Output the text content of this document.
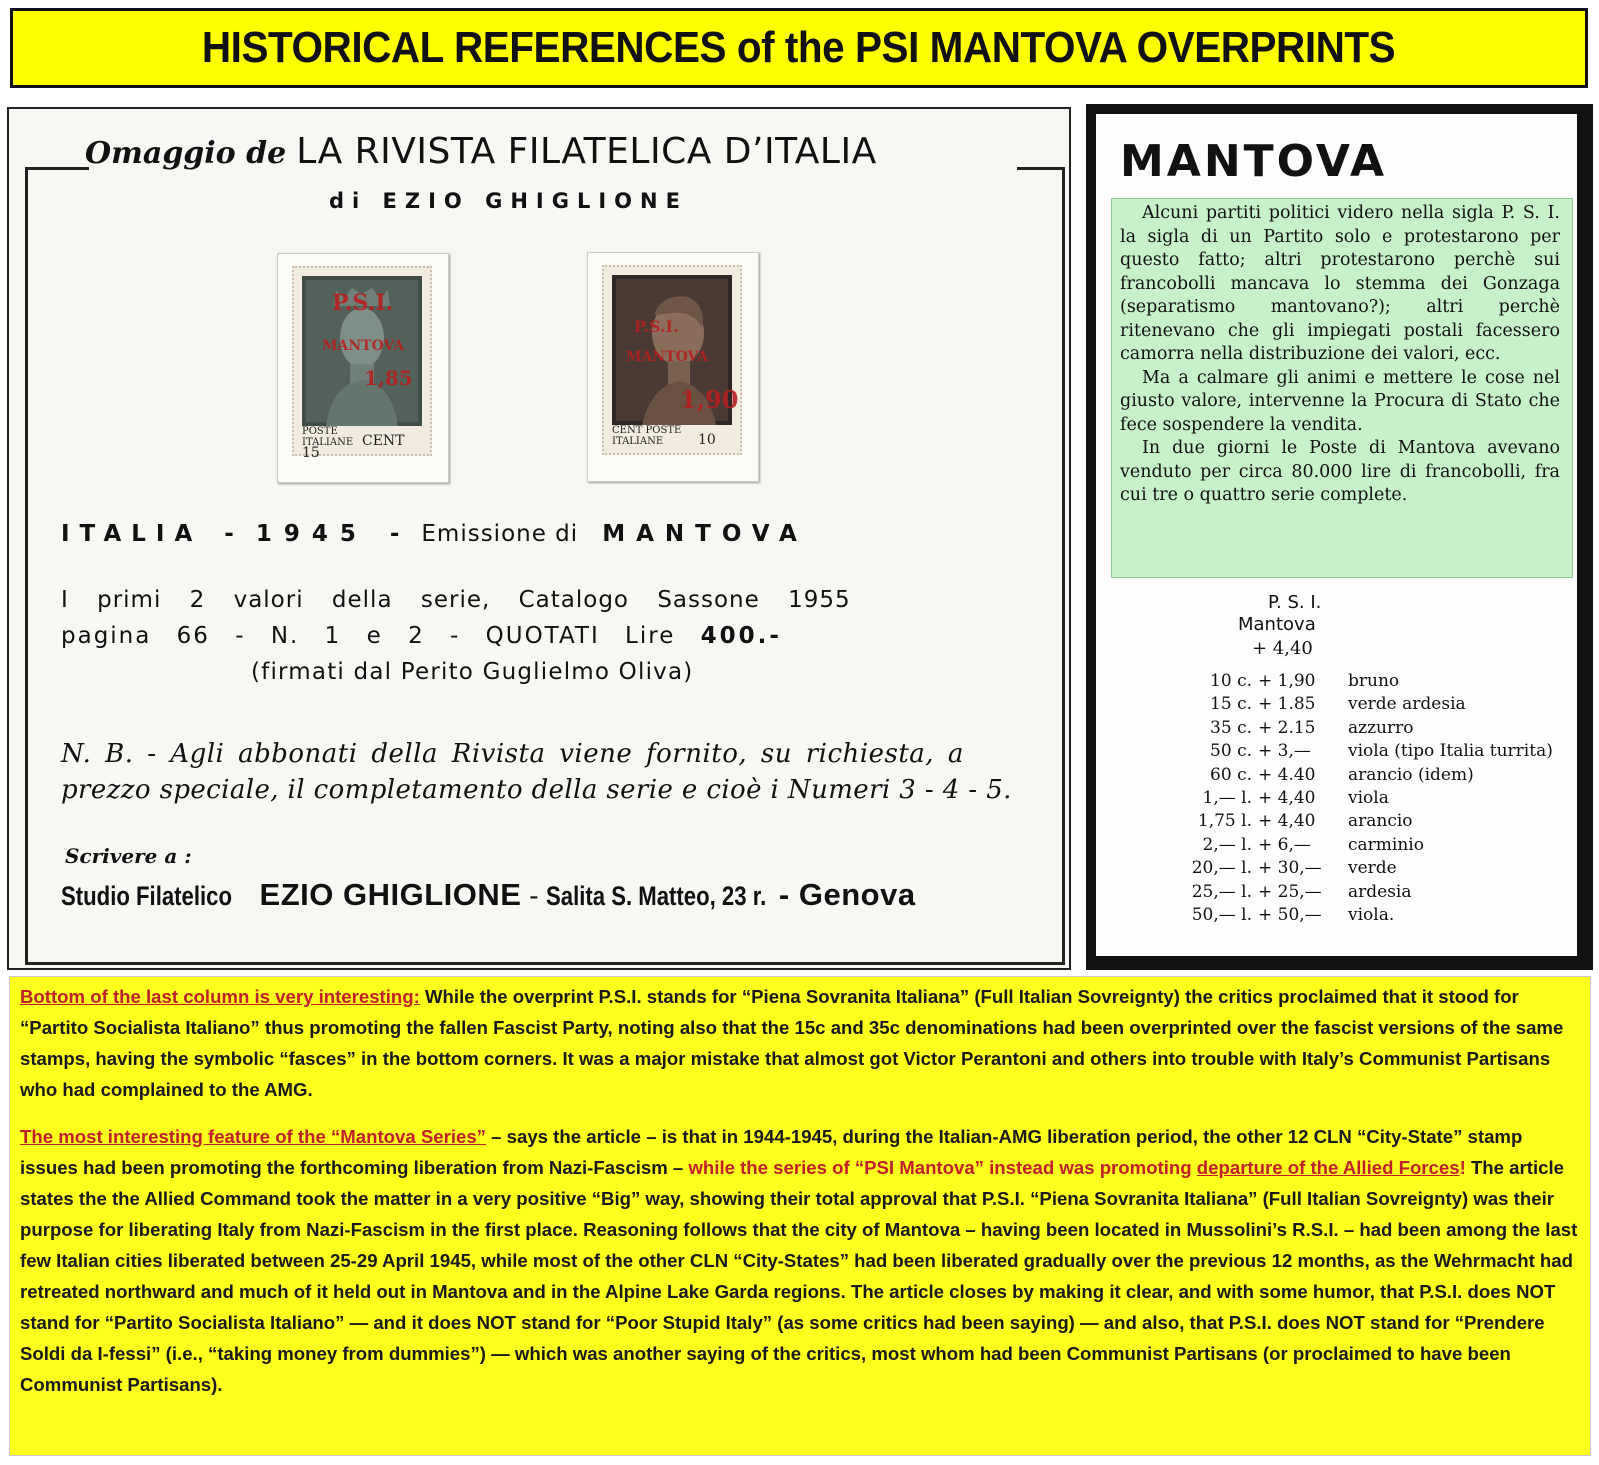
HISTORICAL REFERENCES of the PSI MANTOVA OVERPRINTS
Omaggio de LA RIVISTA FILATELICA D’ITALIA
di EZIO GHIGLIONE
P.S.I.
MANTOVA
1,85
POSTE ITALIANE CENT 15
P.S.I.
MANTOVA
1,90
CENT POSTE ITALIANE 10
ITALIA - 1945 - Emissione di MANTOVA
I primi 2 valori della serie, Catalogo Sassone 1955
pagina 66 - N. 1 e 2 - QUOTATI Lire 400.-
(firmati dal Perito Guglielmo Oliva)
N. B. - Agli abbonati della Rivista viene fornito, su richiesta, a
prezzo speciale, il completamento della serie e cioè i Numeri 3 - 4 - 5.
Scrivere a :
Studio Filatelico EZIO GHIGLIONE - Salita S. Matteo, 23 r. - Genova
MANTOVA

Alcuni partiti politici videro nella sigla P. S. I. la sigla di un Partito solo e protestarono per questo fatto; altri protestarono perchè sui francobolli mancava lo stemma dei Gonzaga (separatismo mantovano?); altri perchè ritenevano che gli impiegati postali facessero camorra nella distribuzione dei valori, ecc.

Ma a calmare gli animi e mettere le cose nel giusto valore, intervenne la Procura di Stato che fece sospendere la vendita.

In due giorni le Poste di Mantova avevano venduto per circa 80.000 lire di francobolli, fra cui tre o quattro serie complete.

P. S. I.
Mantova
+ 4,40
10 c.	+ 1,90	bruno
15 c.	+ 1.85	verde ardesia
35 c.	+ 2.15	azzurro
50 c.	+ 3,—	viola (tipo Italia turrita)
60 c.	+ 4.40	arancio (idem)
1,— l.	+ 4,40	viola
1,75 l.	+ 4,40	arancio
2,— l.	+ 6,—	carminio
20,— l.	+ 30,—	verde
25,— l.	+ 25,—	ardesia
50,— l.	+ 50,—	viola.

Bottom of the last column is very interesting: While the overprint P.S.I. stands for “Piena Sovranita Italiana” (Full Italian Sovreignty) the critics proclaimed that it stood for “Partito Socialista Italiano” thus promoting the fallen Fascist Party, noting also that the 15c and 35c denominations had been overprinted over the fascist versions of the same stamps, having the symbolic “fasces” in the bottom corners. It was a major mistake that almost got Victor Perantoni and others into trouble with Italy’s Communist Partisans who had complained to the AMG.

The most interesting feature of the “Mantova Series” – says the article – is that in 1944-1945, during the Italian-AMG liberation period, the other 12 CLN “City-State” stamp issues had been promoting the forthcoming liberation from Nazi-Fascism – while the series of “PSI Mantova” instead was promoting departure of the Allied Forces! The article states the the Allied Command took the matter in a very positive “Big” way, showing their total approval that P.S.I. “Piena Sovranita Italiana” (Full Italian Sovreignty) was their purpose for liberating Italy from Nazi-Fascism in the first place. Reasoning follows that the city of Mantova – having been located in Mussolini’s R.S.I. – had been among the last few Italian cities liberated between 25-29 April 1945, while most of the other CLN “City-States” had been liberated gradually over the previous 12 months, as the Wehrmacht had retreated northward and much of it held out in Mantova and in the Alpine Lake Garda regions. The article closes by making it clear, and with some humor, that P.S.I. does NOT stand for “Partito Socialista Italiano” — and it does NOT stand for “Poor Stupid Italy” (as some critics had been saying) — and also, that P.S.I. does NOT stand for “Prendere Soldi da I-fessi” (i.e., “taking money from dummies”) — which was another saying of the critics, most whom had been Communist Partisans (or proclaimed to have been Communist Partisans).
